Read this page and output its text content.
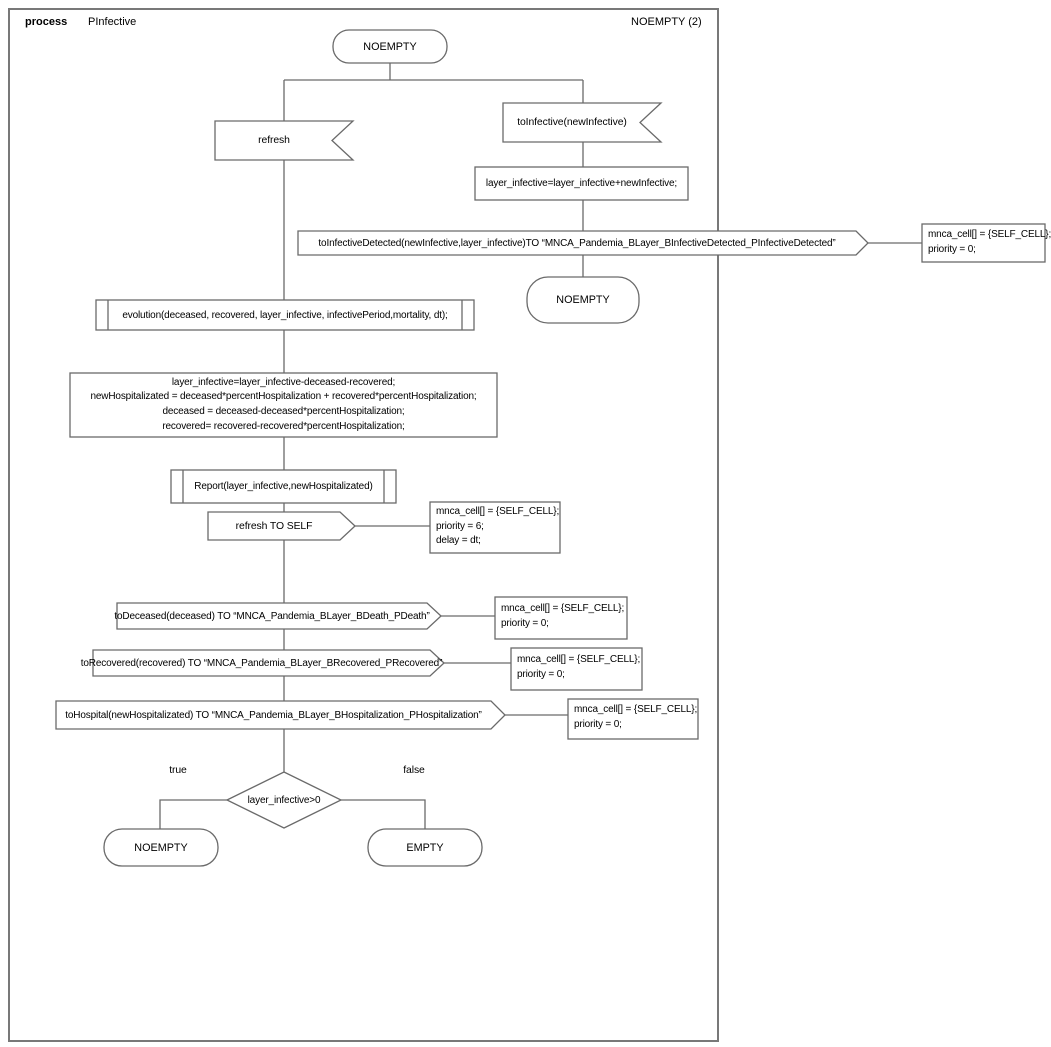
process PInfective	NOEMPTY (2)
NOEMPTY
refresh
toInfective(newInfective)
layer_infective=layer_infective+newInfective;
toInfectiveDetected(newInfective,layer_infective)TO “MNCA_Pandemia_BLayer_BInfectiveDetected_PInfectiveDetected”
mnca_cell[] = {SELF_CELL};
priority = 0;
NOEMPTY
evolution(deceased, recovered, layer_infective, infectivePeriod,mortality, dt);
layer_infective=layer_infective-deceased-recovered;
newHospitalizated = deceased*percentHospitalization + recovered*percentHospitalization;
deceased = deceased-deceased*percentHospitalization;
recovered= recovered-recovered*percentHospitalization;
Report(layer_infective,newHospitalizated)
refresh TO SELF
mnca_cell[] = {SELF_CELL};
priority = 6;
delay = dt;
toDeceased(deceased) TO “MNCA_Pandemia_BLayer_BDeath_PDeath”
mnca_cell[] = {SELF_CELL};
priority = 0;
toRecovered(recovered) TO “MNCA_Pandemia_BLayer_BRecovered_PRecovered”	mnca_cell[] = {SELF_CELL};
priority = 0;
toHospital(newHospitalizated) TO “MNCA_Pandemia_BLayer_BHospitalization_PHospitalization”	mnca_cell[] = {SELF_CELL};
priority = 0;
layer_infective>0
true	false
NOEMPTY	EMPTY
